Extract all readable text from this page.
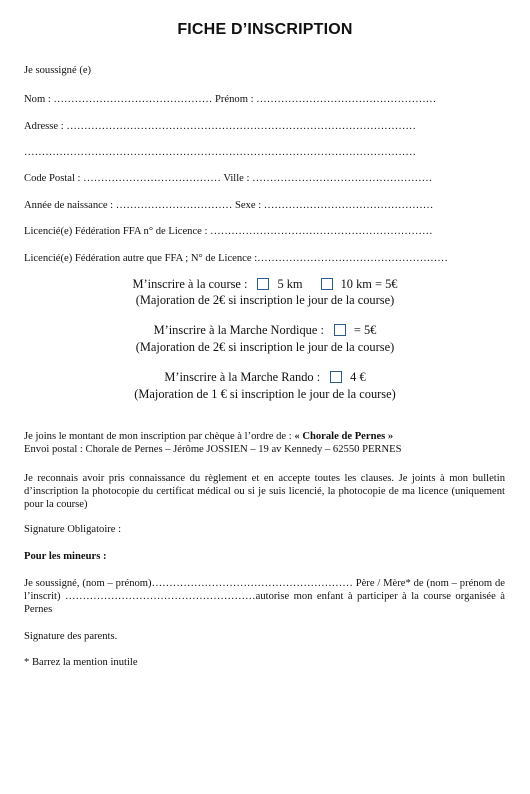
FICHE D’INSCRIPTION
Je soussigné (e)
Nom : ……………………………………… Prénom : ……………………………………………
Adresse : ………………………………………………………………………………………
…………………………………………………………………………………………………
Code Postal : ………………………………… Ville : ……………………………………………
Année de naissance : …………………………… Sexe : …………………………………………
Licencié(e) Fédération FFA n° de Licence : ………………………………………………………
Licencié(e) Fédération autre que FFA ; N° de Licence :………………………………………………
M’inscrire à la course : 5 km	10 km = 5€
(Majoration de 2€ si inscription le jour de la course)
M’inscrire à la Marche Nordique : = 5€
(Majoration de 2€ si inscription le jour de la course)
M’inscrire à la Marche Rando : 4 €
(Majoration de 1 € si inscription le jour de la course)
Je joins le montant de mon inscription par chèque à l’ordre de : « Chorale de Pernes »
Envoi postal : Chorale de Pernes – Jérôme JOSSIEN – 19 av Kennedy – 62550 PERNES
Je reconnais avoir pris connaissance du règlement et en accepte toutes les clauses. Je joints à mon bulletin d’inscription la photocopie du certificat médical ou si je suis licencié, la photocopie de ma licence (uniquement pour la course)
Signature Obligatoire :
Pour les mineurs :
Je soussigné, (nom – prénom)………………………………………………… Père / Mère* de (nom – prénom de l’inscrit) ………………………………………………autorise mon enfant à participer à la course organisée à Pernes
Signature des parents.
* Barrez la mention inutile
